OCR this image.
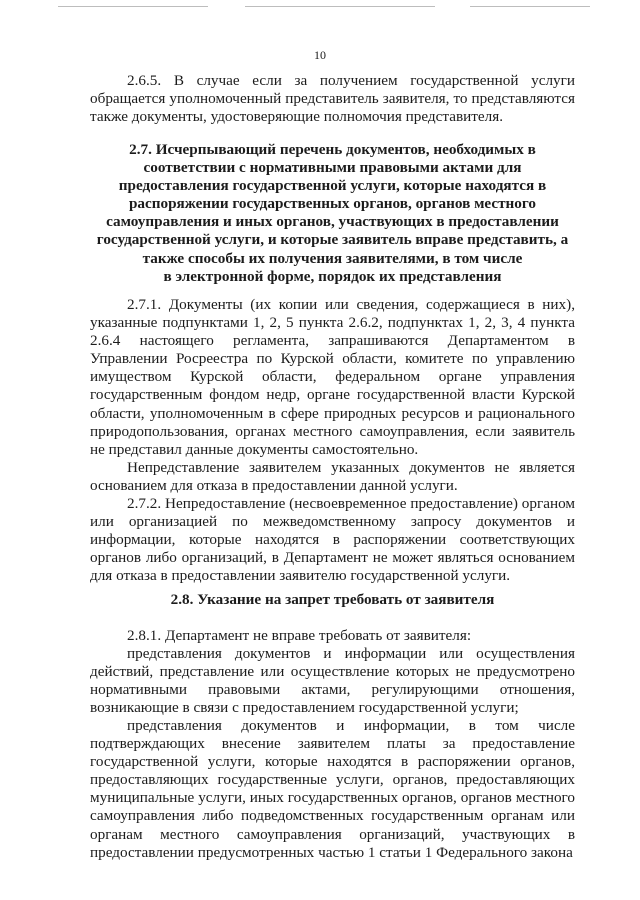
10

2.6.5. В случае если за получением государственной услуги обращается уполномоченный представитель заявителя, то представляются также документы, удостоверяющие полномочия представителя.

2.7. Исчерпывающий перечень документов, необходимых в
соответствии с нормативными правовыми актами для
предоставления государственной услуги, которые находятся в
распоряжении государственных органов, органов местного
самоуправления и иных органов, участвующих в предоставлении
государственной услуги, и которые заявитель вправе представить, а
также способы их получения заявителями, в том числе
в электронной форме, порядок их представления

2.7.1. Документы (их копии или сведения, содержащиеся в них), указанные подпунктами 1, 2, 5 пункта 2.6.2, подпунктах 1, 2, 3, 4 пункта 2.6.4 настоящего регламента, запрашиваются Департаментом в Управлении Росреестра по Курской области, комитете по управлению имуществом Курской области, федеральном органе управления государственным фондом недр, органе государственной власти Курской области, уполномоченным в сфере природных ресурсов и рационального природопользования, органах местного самоуправления, если заявитель не представил данные документы самостоятельно.

Непредставление заявителем указанных документов не является основанием для отказа в предоставлении данной услуги.

2.7.2. Непредоставление (несвоевременное предоставление) органом или организацией по межведомственному запросу документов и информации, которые находятся в распоряжении соответствующих органов либо организаций, в Департамент не может являться основанием для отказа в предоставлении заявителю государственной услуги.

2.8. Указание на запрет требовать от заявителя

2.8.1. Департамент не вправе требовать от заявителя:

представления документов и информации или осуществления действий, представление или осуществление которых не предусмотрено нормативными правовыми актами, регулирующими отношения, возникающие в связи с предоставлением государственной услуги;

представления документов и информации, в том числе подтверждающих внесение заявителем платы за предоставление государственной услуги, которые находятся в распоряжении органов, предоставляющих государственные услуги, органов, предоставляющих муниципальные услуги, иных государственных органов, органов местного самоуправления либо подведомственных государственным органам или органам местного самоуправления организаций, участвующих в предоставлении предусмотренных частью 1 статьи 1 Федерального закона
